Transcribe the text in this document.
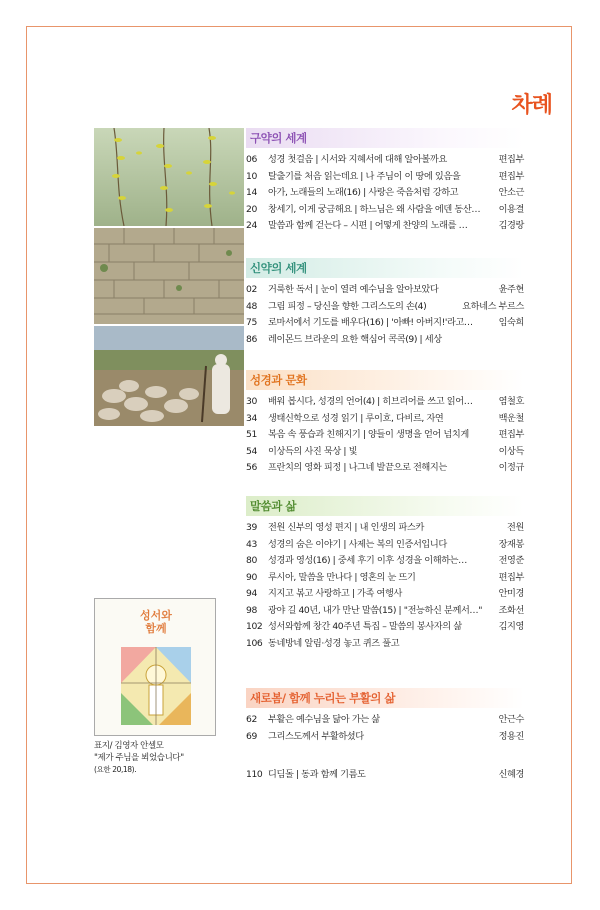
차례
구약의 세계
06	성경 첫걸음 | 시서와 지혜서에 대해 알아볼까요	편집부
10	탈출기를 처음 읽는데요 | 나 주님이 이 땅에 있음을	편집부
14	아가, 노래들의 노래(16) | 사랑은 죽음처럼 강하고	안소근
20	창세기, 이게 궁금해요 | 하느님은 왜 사람을 에덴 동산…	이용결
24	말씀과 함께 걷는다 – 시편 | 어떻게 찬양의 노래를 …	김경랑
신약의 세계
02	거룩한 독서 | 눈이 열려 예수님을 알아보았다	윤주현
48	그림 피정 – 당신을 향한 그리스도의 손(4)	요하네스 부르스
75	로마서에서 기도를 배우다(16) | '아빠! 아버지!'라고…	임숙희
86	레이몬드 브라운의 요한 핵심어 콕콕(9) | 세상
성경과 문화
30	배워 봅시다, 성경의 언어(4) | 히브리어를 쓰고 읽어…	염철호
34	생태신학으로 성경 읽기 | 루이흐, 다비르, 자연	백운철
51	복음 속 풍습과 친해지기 | 양들이 생명을 얻어 넘치게	편집부
54	이상득의 사진 묵상 | 빛	이상득
56	프란치의 영화 피정 | 나그네 발끝으로 전해지는	이정규
말씀과 삶
39	전원 신부의 영성 편지 | 내 인생의 파스카	전원
43	성경의 숨은 이야기 | 사제는 복의 인증서입니다	장재봉
80	성경과 영성(16) | 중세 후기 이후 성경을 이해하는…	전영준
90	루시아, 말씀을 만나다 | 영혼의 눈 뜨기	편집부
94	지지고 볶고 사랑하고 | 가족 여행사	안미경
98	광야 길 40년, 내가 만난 말씀(15) | "전능하신 분께서…"	조화선
102 성서와함께 창간 40주년 특집 – 말씀의 봉사자의 삶	김지영
106 동네방네 알림·성경 놓고 퀴즈 풀고
새로봄/ 함께 누리는 부활의 삶
62	부활은 예수님을 닮아 가는 삶	안근수
69	그리스도께서 부활하셨다	정용진
110 디딤돌 | 동과 함께 기름도	신혜경
성서와
함께
표지/ 김영자 안셀모
"제가 주님을 뵈었습니다"
(요한 20,18).
